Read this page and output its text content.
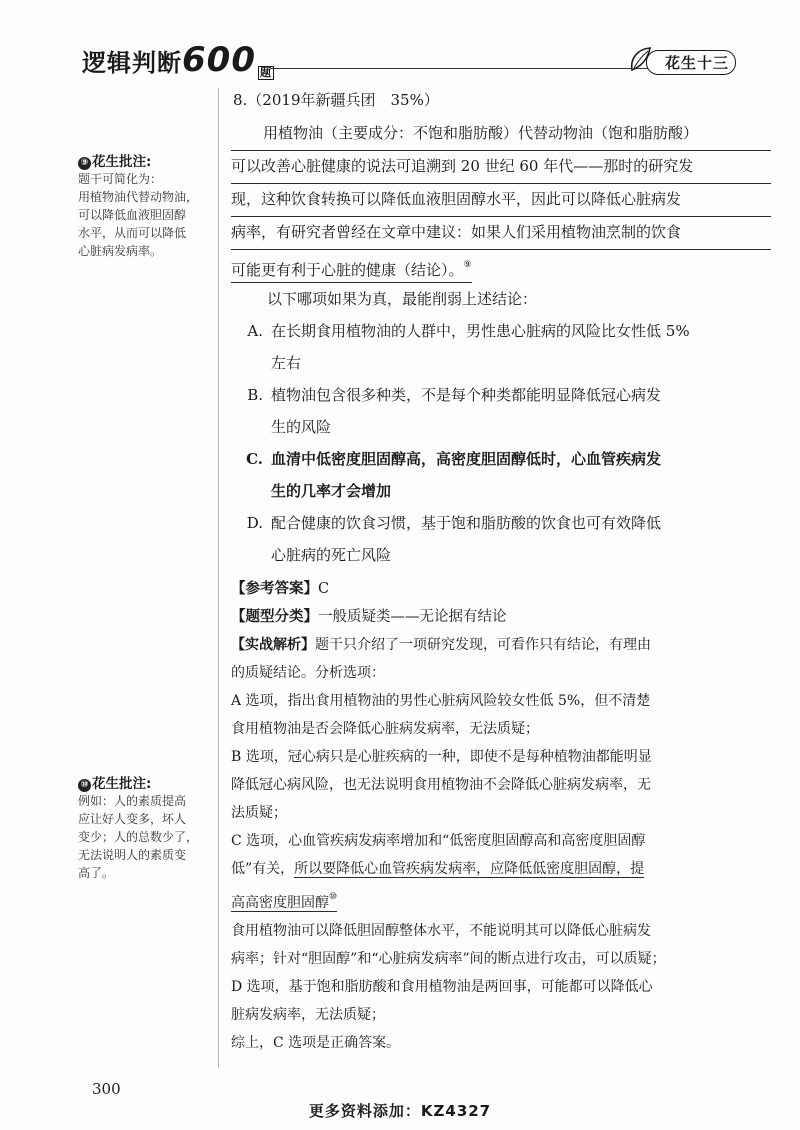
逻辑判断600 题
花生十三
⑨ 花生批注:
题干可简化为：
用植物油代替动物油，
可以降低血液胆固醇
水平，从而可以降低
心脏病发病率。
⑩ 花生批注:
例如：人的素质提高
应让好人变多，坏人
变少；人的总数少了，
无法说明人的素质变
高了。
8.（2019年新疆兵团　35%）
用植物油（主要成分：不饱和脂肪酸）代替动物油（饱和脂肪酸）
可以改善心脏健康的说法可追溯到 20 世纪 60 年代——那时的研究发
现，这种饮食转换可以降低血液胆固醇水平，因此可以降低心脏病发
病率，有研究者曾经在文章中建议：如果人们采用植物油烹制的饮食
可能更有利于心脏的健康（结论）。⑨
以下哪项如果为真，最能削弱上述结论：
A. 在长期食用植物油的人群中，男性患心脏病的风险比女性低 5%
左右
B. 植物油包含很多种类，不是每个种类都能明显降低冠心病发
生的风险
C. 血清中低密度胆固醇高，高密度胆固醇低时，心血管疾病发
生的几率才会增加
D. 配合健康的饮食习惯，基于饱和脂肪酸的饮食也可有效降低
心脏病的死亡风险
【参考答案】C
【题型分类】一般质疑类——无论据有结论
【实战解析】题干只介绍了一项研究发现，可看作只有结论，有理由
的质疑结论。分析选项：
A 选项，指出食用植物油的男性心脏病风险较女性低 5%，但不清楚
食用植物油是否会降低心脏病发病率，无法质疑；
B 选项，冠心病只是心脏疾病的一种，即使不是每种植物油都能明显
降低冠心病风险，也无法说明食用植物油不会降低心脏病发病率，无
法质疑；
C 选项，心血管疾病发病率增加和“低密度胆固醇高和高密度胆固醇
低”有关，所以要降低心血管疾病发病率，应降低低密度胆固醇，提
高高密度胆固醇⑩
食用植物油可以降低胆固醇整体水平，不能说明其可以降低心脏病发
病率；针对“胆固醇”和“心脏病发病率”间的断点进行攻击，可以质疑；
D 选项，基于饱和脂肪酸和食用植物油是两回事，可能都可以降低心
脏病发病率，无法质疑；
综上，C 选项是正确答案。
300
更多资料添加：KZ4327
